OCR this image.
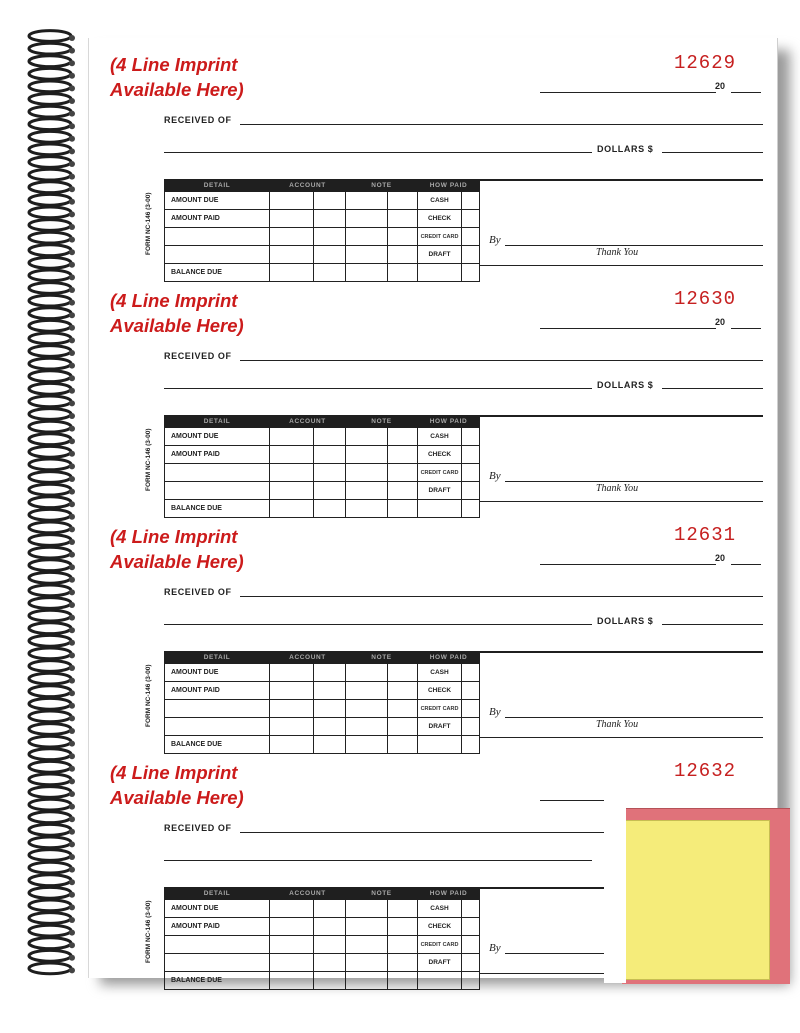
(4 Line Imprint
Available Here)
12629
20
RECEIVED OF
DOLLARS $
FORM NC-146 (3-00)
DETAIL	ACCOUNT		NOTE		HOW PAID	
AMOUNT DUE					CASH	
AMOUNT PAID					CHECK	
					CREDIT CARD	
					DRAFT	
BALANCE DUE						
By
Thank You
(4 Line Imprint
Available Here)
12630
20
RECEIVED OF
DOLLARS $
FORM NC-146 (3-00)
DETAIL	ACCOUNT		NOTE		HOW PAID	
AMOUNT DUE					CASH	
AMOUNT PAID					CHECK	
					CREDIT CARD	
					DRAFT	
BALANCE DUE						
By
Thank You
(4 Line Imprint
Available Here)
12631
20
RECEIVED OF
DOLLARS $
FORM NC-146 (3-00)
DETAIL	ACCOUNT		NOTE		HOW PAID	
AMOUNT DUE					CASH	
AMOUNT PAID					CHECK	
					CREDIT CARD	
					DRAFT	
BALANCE DUE						
By
Thank You
(4 Line Imprint
Available Here)
12632
RECEIVED OF
FORM NC-146 (3-00)
DETAIL	ACCOUNT		NOTE		HOW PAID	
AMOUNT DUE					CASH	
AMOUNT PAID					CHECK	
					CREDIT CARD	
					DRAFT	
BALANCE DUE						
By
